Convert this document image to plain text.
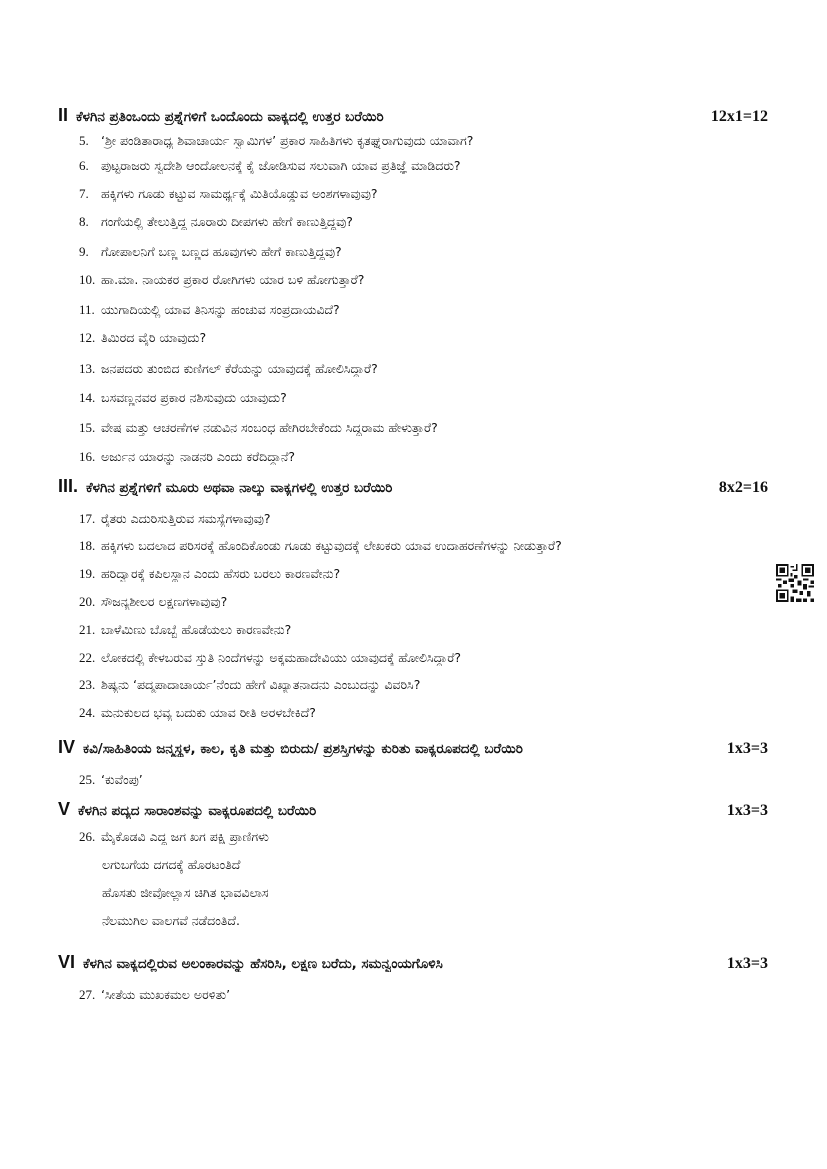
II ಕೆಳಗಿನ ಪ್ರತಿಂಒಂದು ಪ್ರಶ್ನೆಗಳಿಗೆ ಒಂದೊಂದು ವಾಕ್ಯದಲ್ಲಿ ಉತ್ತರ ಬರೆಯಿರಿ	12x1=12
5. ‘ಶ್ರೀ ಪಂಡಿತಾರಾಧ್ಯ ಶಿವಾಚಾರ್ಯ ಸ್ವಾಮಿಗಳ’ ಪ್ರಕಾರ ಸಾಹಿತಿಗಳು ಕೃತಘ್ನರಾಗುವುದು ಯಾವಾಗ?
6. ಪುಟ್ಟರಾಜರು ಸ್ವದೇಶಿ ಆಂದೋಲನಕ್ಕೆ ಕೈ ಜೋಡಿಸುವ ಸಲುವಾಗಿ ಯಾವ ಪ್ರತಿಜ್ಞೆ ಮಾಡಿದರು?
7. ಹಕ್ಕಿಗಳು ಗೂಡು ಕಟ್ಟುವ ಸಾಮರ್ಥ್ಯಕ್ಕೆ ಮಿತಿಯೊಡ್ಡುವ ಅಂಶಗಳಾವುವು?
8. ಗಂಗೆಯಲ್ಲಿ ತೇಲುತ್ತಿದ್ದ ನೂರಾರು ದೀಪಗಳು ಹೇಗೆ ಕಾಣುತ್ತಿದ್ದವು?
9. ಗೋಪಾಲನಿಗೆ ಬಣ್ಣ ಬಣ್ಣದ ಹೂವುಗಳು ಹೇಗೆ ಕಾಣುತ್ತಿದ್ದವು?
10. ಹಾ.ಮಾ. ನಾಯಕರ ಪ್ರಕಾರ ರೋಗಿಗಳು ಯಾರ ಬಳಿ ಹೋಗುತ್ತಾರೆ?
11. ಯುಗಾದಿಯಲ್ಲಿ ಯಾವ ತಿನಿಸನ್ನು ಹಂಚುವ ಸಂಪ್ರದಾಯವಿದೆ?
12. ತಿಮಿರದ ವೈರಿ ಯಾವುದು?
13. ಜನಪದರು ತುಂಬಿದ ಕುಣಿಗಲ್ ಕೆರೆಯನ್ನು ಯಾವುದಕ್ಕೆ ಹೋಲಿಸಿದ್ದಾರೆ?
14. ಬಸವಣ್ಣನವರ ಪ್ರಕಾರ ನಶಿಸುವುದು ಯಾವುದು?
15. ವೇಷ ಮತ್ತು ಆಚರಣೆಗಳ ನಡುವಿನ ಸಂಬಂಧ ಹೇಗಿರಬೇಕೆಂದು ಸಿದ್ಧರಾಮ ಹೇಳುತ್ತಾರೆ?
16. ಅರ್ಜುನ ಯಾರನ್ನು ನಾಡನರಿ ಎಂದು ಕರೆದಿದ್ದಾನೆ?
III. ಕೆಳಗಿನ ಪ್ರಶ್ನೆಗಳಿಗೆ ಮೂರು ಅಥವಾ ನಾಲ್ಕು ವಾಕ್ಯಗಳಲ್ಲಿ ಉತ್ತರ ಬರೆಯಿರಿ	8x2=16
17. ರೈತರು ಎದುರಿಸುತ್ತಿರುವ ಸಮಸ್ಯೆಗಳಾವುವು?
18. ಹಕ್ಕಿಗಳು ಬದಲಾದ ಪರಿಸರಕ್ಕೆ ಹೊಂದಿಕೊಂಡು ಗೂಡು ಕಟ್ಟುವುದಕ್ಕೆ ಲೇಖಕರು ಯಾವ ಉದಾಹರಣೆಗಳನ್ನು ನೀಡುತ್ತಾರೆ?
19. ಹರಿದ್ವಾರಕ್ಕೆ ಕಪಿಲಸ್ಥಾನ ಎಂದು ಹೆಸರು ಬರಲು ಕಾರಣವೇನು?
20. ಸೌಜನ್ಯಶೀಲರ ಲಕ್ಷಣಗಳಾವುವು?
21. ಬಾಳೆಮಿಣು ಬೊಬ್ಬೆ ಹೊಡೆಯಲು ಕಾರಣವೇನು?
22. ಲೋಕದಲ್ಲಿ ಕೇಳಬರುವ ಸ್ತುತಿ ನಿಂದೆಗಳನ್ನು ಅಕ್ಕಮಹಾದೇವಿಯು ಯಾವುದಕ್ಕೆ ಹೋಲಿಸಿದ್ದಾರೆ?
23. ಶಿಷ್ಯನು ‘ಪದ್ಮಪಾದಾಚಾರ್ಯ’ನೆಂದು ಹೇಗೆ ವಿಖ್ಯಾತನಾದನು ಎಂಬುದನ್ನು ವಿವರಿಸಿ?
24. ಮನುಕುಲದ ಭವ್ಯ ಬದುಕು ಯಾವ ರೀತಿ ಅರಳಬೇಕಿದೆ?
IV ಕವಿ/ಸಾಹಿತಿಂಯ ಜನ್ಮಸ್ಥಳ, ಕಾಲ, ಕೃತಿ ಮತ್ತು ಬಿರುದು/ ಪ್ರಶಸ್ತಿಗಳನ್ನು ಕುರಿತು ವಾಕ್ಯರೂಪದಲ್ಲಿ ಬರೆಯಿರಿ	1x3=3
25. ‘ಕುವೆಂಪು’
V ಕೆಳಗಿನ ಪದ್ಯದ ಸಾರಾಂಶವನ್ನು ವಾಕ್ಯರೂಪದಲ್ಲಿ ಬರೆಯಿರಿ	1x3=3
26. ಮೈಕೊಡವಿ ಎದ್ದ ಜಗ ಖಗ ಪಕ್ಷಿ ಪ್ರಾಣಿಗಳು
ಲಗುಬಗೆಯ ದಗದಕ್ಕೆ ಹೊರಟಂತಿದೆ
ಹೊಸತು ಜೀವೋಲ್ಲಾಸ ಚಿಗಿತ ಭಾವವಿಲಾಸ
ನೆಲಮುಗಿಲ ವಾಲಗವೆ ನಡೆದಂತಿದೆ.
VI ಕೆಳಗಿನ ವಾಕ್ಯದಲ್ಲಿರುವ ಅಲಂಕಾರವನ್ನು ಹೆಸರಿಸಿ, ಲಕ್ಷಣ ಬರೆದು, ಸಮನ್ವಂಯಗೊಳಿಸಿ	1x3=3
27. ‘ಸೀತೆಯ ಮುಖಕಮಲ ಅರಳಿತು’
